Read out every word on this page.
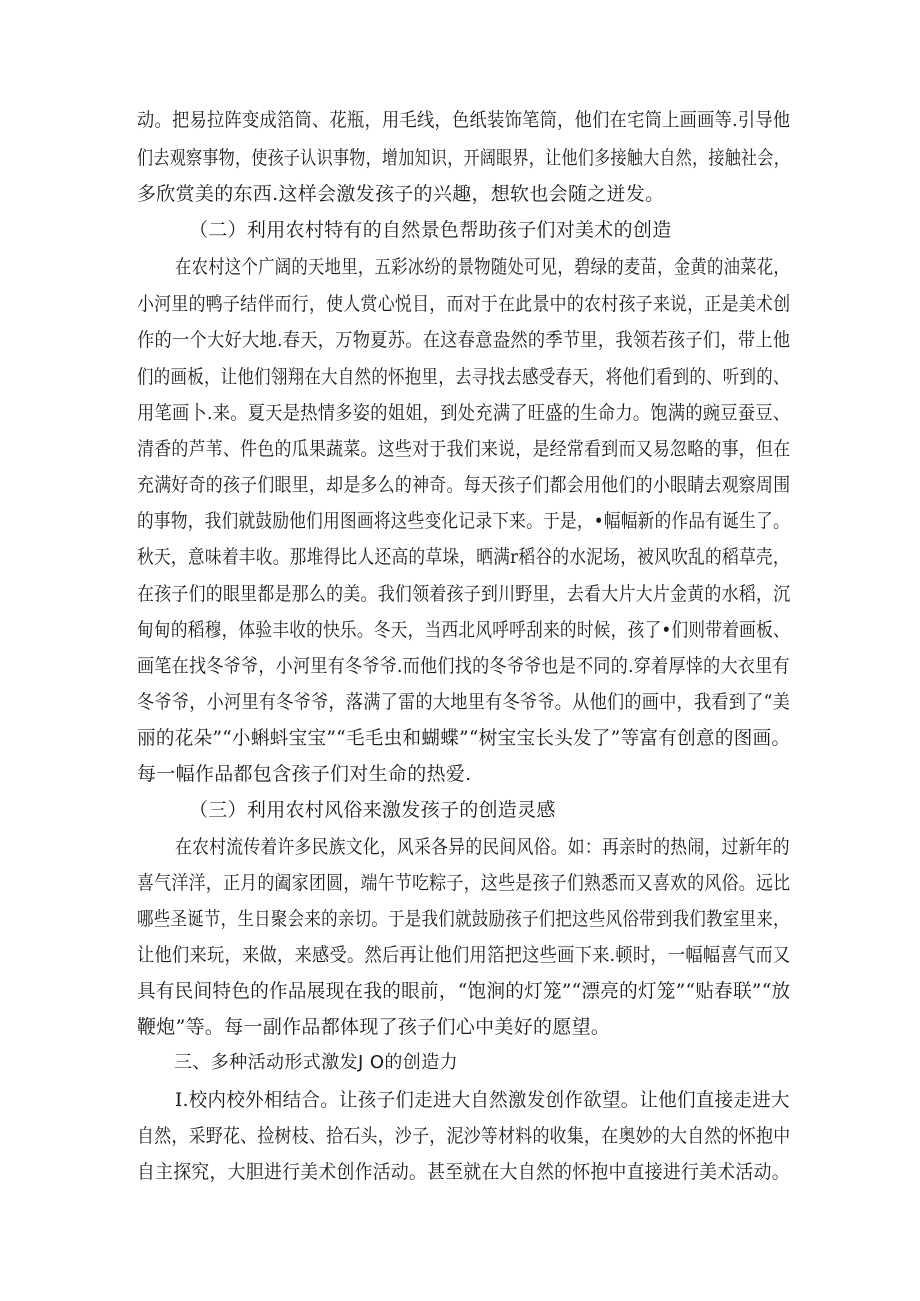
动。把易拉阵变成箔筒、花瓶，用毛线，色纸装饰笔筒，他们在宅筒上画画等.引导他
们去观察事物，使孩子认识事物，增加知识，开阔眼界，让他们多接触大自然，接触社会，
多欣赏美的东西.这样会激发孩子的兴趣，想软也会随之迸发。
（二）利用农村特有的自然景色帮助孩子们对美术的创造
在农村这个广阔的天地里，五彩冰纷的景物随处可见，碧绿的麦苗，金黄的油菜花，
小河里的鸭子结伴而行，使人赏心悦目，而对于在此景中的农村孩子来说，正是美术创
作的一个大好大地.春天，万物夏苏。在这春意盎然的季节里，我领若孩子们，带上他
们的画板，让他们翎翔在大自然的怀抱里，去寻找去感受春天，将他们看到的、听到的、
用笔画卜.来。夏天是热情多姿的姐姐，到处充满了旺盛的生命力。饱满的豌豆蚕豆、
清香的芦苇、件色的瓜果蔬菜。这些对于我们来说，是经常看到而又易忽略的事，但在
充满好奇的孩子们眼里，却是多么的神奇。每天孩子们都会用他们的小眼睛去观察周围
的事物，我们就鼓励他们用图画将这些变化记录下来。于是，•幅幅新的作品有诞生了。
秋天，意味着丰收。那堆得比人还高的草垛，晒满r稻谷的水泥场，被风吹乱的稻草壳，
在孩子们的眼里都是那么的美。我们领着孩子到川野里，去看大片大片金黄的水稻，沉
甸甸的稻穆，体验丰收的快乐。冬天，当西北风呼呼刮来的时候，孩了•们则带着画板、
画笔在找冬爷爷，小河里有冬爷爷.而他们找的冬爷爷也是不同的.穿着厚悻的大衣里有
冬爷爷，小河里有冬爷爷，落满了雷的大地里有冬爷爷。从他们的画中，我看到了“美
丽的花朵”“小蝌蚪宝宝”“毛毛虫和蝴蝶”“树宝宝长头发了”等富有创意的图画。
每一幅作品都包含孩子们对生命的热爱.
（三）利用农村风俗来激发孩子的创造灵感
在农村流传着许多民族文化，风采各异的民间风俗。如：再亲时的热闹，过新年的
喜气洋洋，正月的阖家团圆，端午节吃粽子，这些是孩子们熟悉而又喜欢的风俗。远比
哪些圣诞节，生日聚会来的亲切。于是我们就鼓励孩子们把这些风俗带到我们教室里来，
让他们来玩，来做，来感受。然后再让他们用箔把这些画下来.顿时，一幅幅喜气而又
具有民间特色的作品展现在我的眼前，“饱涧的灯笼”“漂亮的灯笼”“贴春联”“放
鞭炮”等。每一副作品都体现了孩子们心中美好的愿望。
三、多种活动形式激发J O的创造力
I.校内校外相结合。让孩子们走进大自然激发创作欲望。让他们直接走进大
自然，采野花、捡树枝、拾石头，沙子，泥沙等材料的收集，在奥妙的大自然的怀抱中
自主探究，大胆进行美术创作活动。甚至就在大自然的怀抱中直接进行美术活动。
